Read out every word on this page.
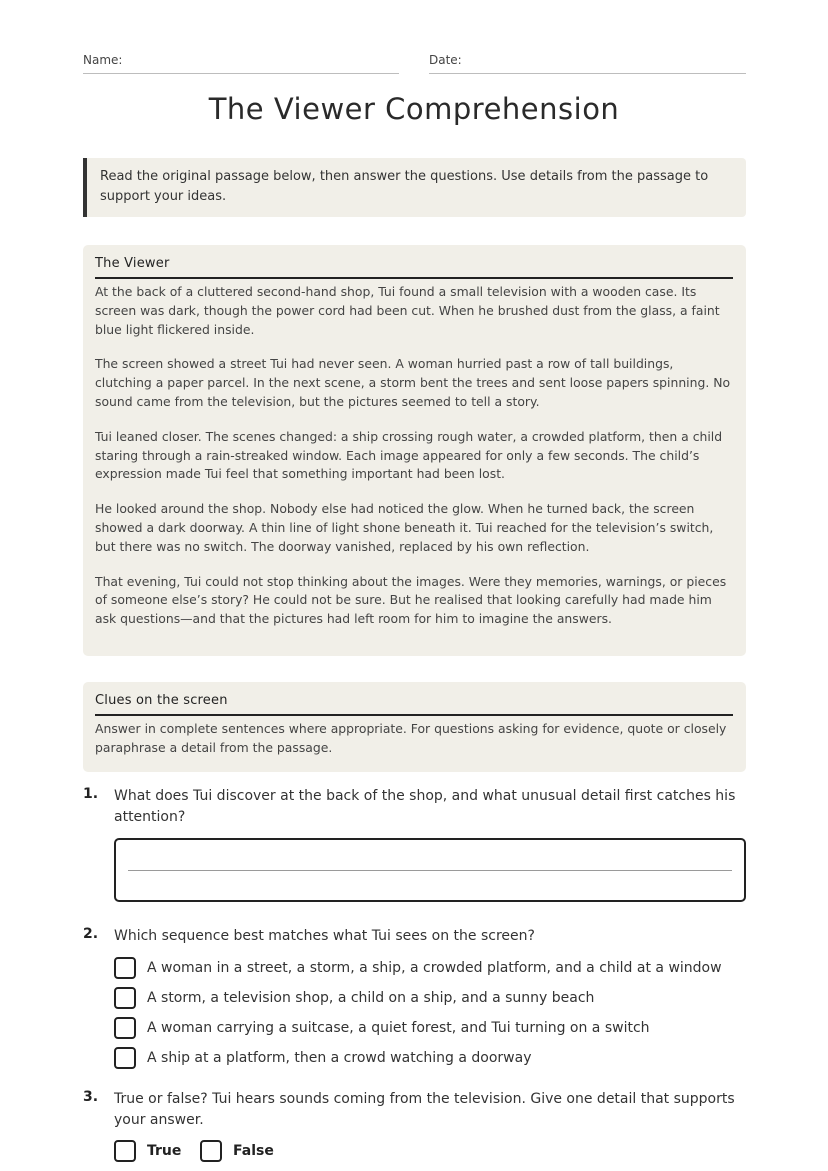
Name:	Date:
The Viewer Comprehension
Read the original passage below, then answer the questions. Use details from the passage to support your ideas.
The Viewer

At the back of a cluttered second-hand shop, Tui found a small television with a wooden case. Its screen was dark, though the power cord had been cut. When he brushed dust from the glass, a faint blue light flickered inside.

The screen showed a street Tui had never seen. A woman hurried past a row of tall buildings, clutching a paper parcel. In the next scene, a storm bent the trees and sent loose papers spinning. No sound came from the television, but the pictures seemed to tell a story.

Tui leaned closer. The scenes changed: a ship crossing rough water, a crowded platform, then a child staring through a rain-streaked window. Each image appeared for only a few seconds. The child’s expression made Tui feel that something important had been lost.

He looked around the shop. Nobody else had noticed the glow. When he turned back, the screen showed a dark doorway. A thin line of light shone beneath it. Tui reached for the television’s switch, but there was no switch. The doorway vanished, replaced by his own reflection.

That evening, Tui could not stop thinking about the images. Were they memories, warnings, or pieces of someone else’s story? He could not be sure. But he realised that looking carefully had made him ask questions—and that the pictures had left room for him to imagine the answers.

Clues on the screen

Answer in complete sentences where appropriate. For questions asking for evidence, quote or closely paraphrase a detail from the passage.

1. What does Tui discover at the back of the shop, and what unusual detail first catches his attention?

2. Which sequence best matches what Tui sees on the screen?

A woman in a street, a storm, a ship, a crowded platform, and a child at a window
A storm, a television shop, a child on a ship, and a sunny beach
A woman carrying a suitcase, a quiet forest, and Tui turning on a switch
A ship at a platform, then a crowd watching a doorway
3. True or false? Tui hears sounds coming from the television. Give one detail that supports your answer.

True	False
